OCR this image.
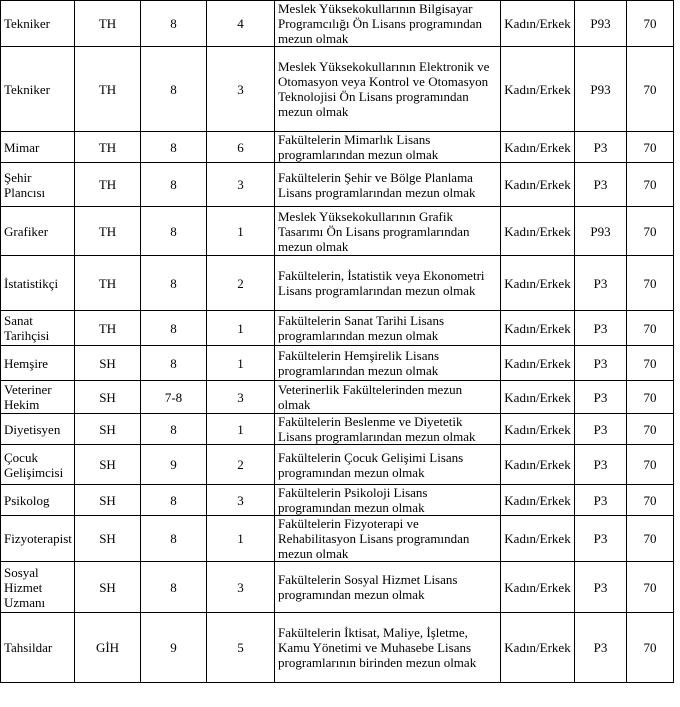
Tekniker	TH	8	4	Meslek Yüksekokullarının Bilgisayar Programcılığı Ön Lisans programından mezun olmak	Kadın/Erkek	P93	70

Tekniker	TH	8	3	Meslek Yüksekokullarının Elektronik ve Otomasyon veya Kontrol ve Otomasyon Teknolojisi Ön Lisans programından mezun olmak	Kadın/Erkek	P93	70

Mimar	TH	8	6	Fakültelerin Mimarlık Lisans programlarından mezun olmak	Kadın/Erkek	P3	70

Şehir Plancısı	TH	8	3	Fakültelerin Şehir ve Bölge Planlama Lisans programlarından mezun olmak	Kadın/Erkek	P3	70

Grafiker	TH	8	1	Meslek Yüksekokullarının Grafik Tasarımı Ön Lisans programlarından mezun olmak	Kadın/Erkek	P93	70

İstatistikçi	TH	8	2	Fakültelerin, İstatistik veya Ekonometri Lisans programlarından mezun olmak	Kadın/Erkek	P3	70

Sanat Tarihçisi	TH	8	1	Fakültelerin Sanat Tarihi Lisans programlarından mezun olmak	Kadın/Erkek	P3	70

Hemşire	SH	8	1	Fakültelerin Hemşirelik Lisans programlarından mezun olmak	Kadın/Erkek	P3	70

Veteriner Hekim	SH	7-8	3	Veterinerlik Fakültelerinden mezun olmak	Kadın/Erkek	P3	70

Diyetisyen	SH	8	1	Fakültelerin Beslenme ve Diyetetik Lisans programlarından mezun olmak	Kadın/Erkek	P3	70

Çocuk Gelişimcisi	SH	9	2	Fakültelerin Çocuk Gelişimi Lisans programından mezun olmak	Kadın/Erkek	P3	70

Psikolog	SH	8	3	Fakültelerin Psikoloji Lisans programından mezun olmak	Kadın/Erkek	P3	70

Fizyoterapist	SH	8	1	Fakültelerin Fizyoterapi ve Rehabilitasyon Lisans programından mezun olmak	Kadın/Erkek	P3	70

Sosyal Hizmet Uzmanı	SH	8	3	Fakültelerin Sosyal Hizmet Lisans programından mezun olmak	Kadın/Erkek	P3	70

Tahsildar	GİH	9	5	Fakültelerin İktisat, Maliye, İşletme, Kamu Yönetimi ve Muhasebe Lisans programlarının birinden mezun olmak	Kadın/Erkek	P3	70
